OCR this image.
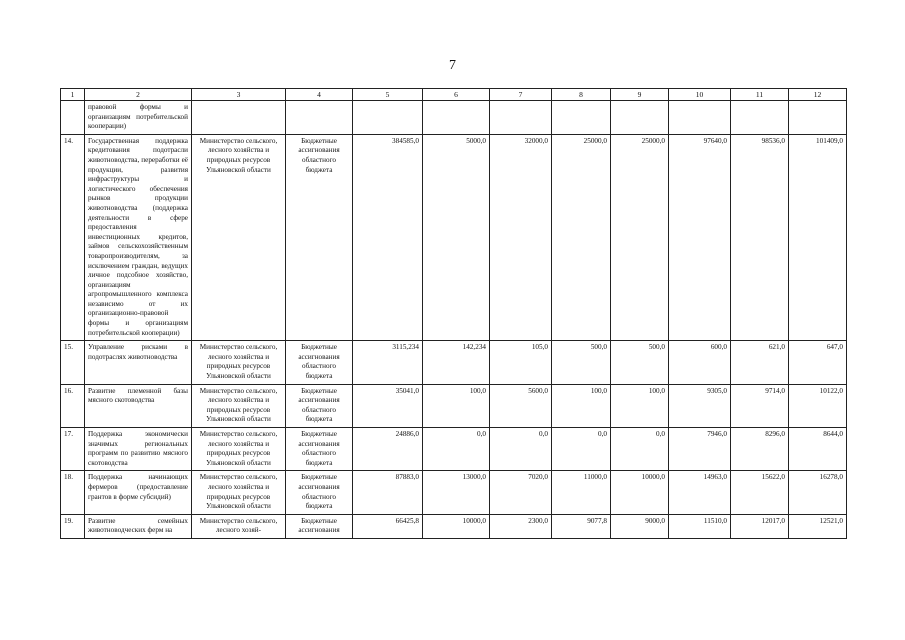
7
1	2	3	4	5	6	7	8	9	10	11	12
	правовой формы и организациям потребительской кооперации)										
14.	Государственная поддержка кредитования подотрасли животноводства, переработки её продукции, развития инфраструктуры и логистического обеспечения рынков продукции животноводства (поддержка деятельности в сфере предоставления инвестиционных кредитов, займов сельскохозяйственным товаропроизводителям, за исключением граждан, ведущих личное подсобное хозяйство, организациям агропромышленного комплекса независимо от их организационно-правовой формы и организациям потребительской кооперации)	Министерство сельского, лесного хозяйства и природных ресурсов Ульяновской области	Бюджетные ассигнования областного бюджета	384585,0	5000,0	32000,0	25000,0	25000,0	97640,0	98536,0	101409,0
15.	Управление рисками в подотраслях животноводства	Министерство сельского, лесного хозяйства и природных ресурсов Ульяновской области	Бюджетные ассигнования областного бюджета	3115,234	142,234	105,0	500,0	500,0	600,0	621,0	647,0
16.	Развитие племенной базы мясного скотоводства	Министерство сельского, лесного хозяйства и природных ресурсов Ульяновской области	Бюджетные ассигнования областного бюджета	35041,0	100,0	5600,0	100,0	100,0	9305,0	9714,0	10122,0
17.	Поддержка экономически значимых региональных программ по развитию мясного скотоводства	Министерство сельского, лесного хозяйства и природных ресурсов Ульяновской области	Бюджетные ассигнования областного бюджета	24886,0	0,0	0,0	0,0	0,0	7946,0	8296,0	8644,0
18.	Поддержка начинающих фермеров (предоставление грантов в форме субсидий)	Министерство сельского, лесного хозяйства и природных ресурсов Ульяновской области	Бюджетные ассигнования областного бюджета	87883,0	13000,0	7020,0	11000,0	10000,0	14963,0	15622,0	16278,0
19.	Развитие семейных животноводческих ферм на	Министерство сельского, лесного хозяй-	Бюджетные ассигнования	66425,8	10000,0	2300,0	9077,8	9000,0	11510,0	12017,0	12521,0
